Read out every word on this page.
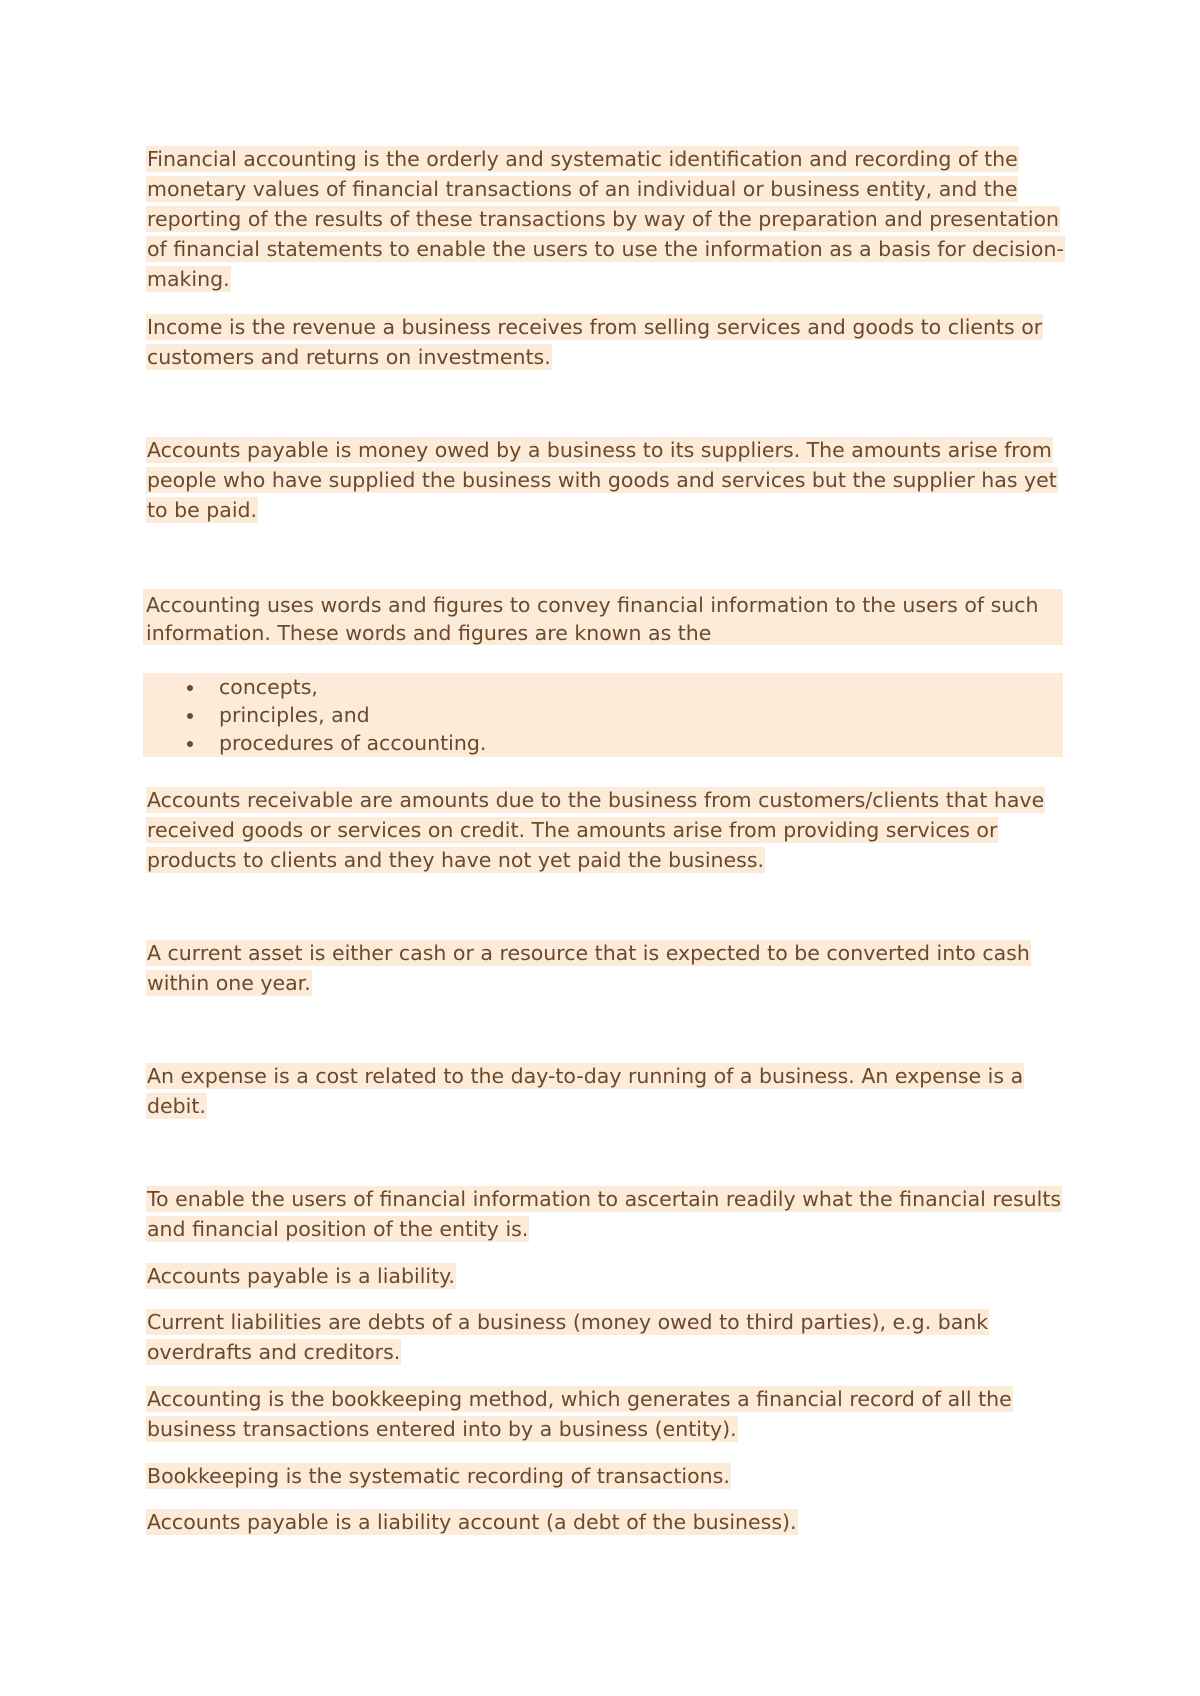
Financial accounting is the orderly and systematic identification and recording of the monetary values of financial transactions of an individual or business entity, and the reporting of the results of these transactions by way of the preparation and presentation of financial statements to enable the users to use the information as a basis for decision-making.

Income is the revenue a business receives from selling services and goods to clients or customers and returns on investments.

Accounts payable is money owed by a business to its suppliers. The amounts arise from people who have supplied the business with goods and services but the supplier has yet to be paid.

Accounting uses words and figures to convey financial information to the users of such information. These words and figures are known as the

concepts,
principles, and
procedures of accounting.

Accounts receivable are amounts due to the business from customers/clients that have received goods or services on credit. The amounts arise from providing services or products to clients and they have not yet paid the business.

A current asset is either cash or a resource that is expected to be converted into cash within one year.

An expense is a cost related to the day-to-day running of a business. An expense is a debit.

To enable the users of financial information to ascertain readily what the financial results and financial position of the entity is.

Accounts payable is a liability.

Current liabilities are debts of a business (money owed to third parties), e.g. bank overdrafts and creditors.

Accounting is the bookkeeping method, which generates a financial record of all the business transactions entered into by a business (entity).

Bookkeeping is the systematic recording of transactions.

Accounts payable is a liability account (a debt of the business).
